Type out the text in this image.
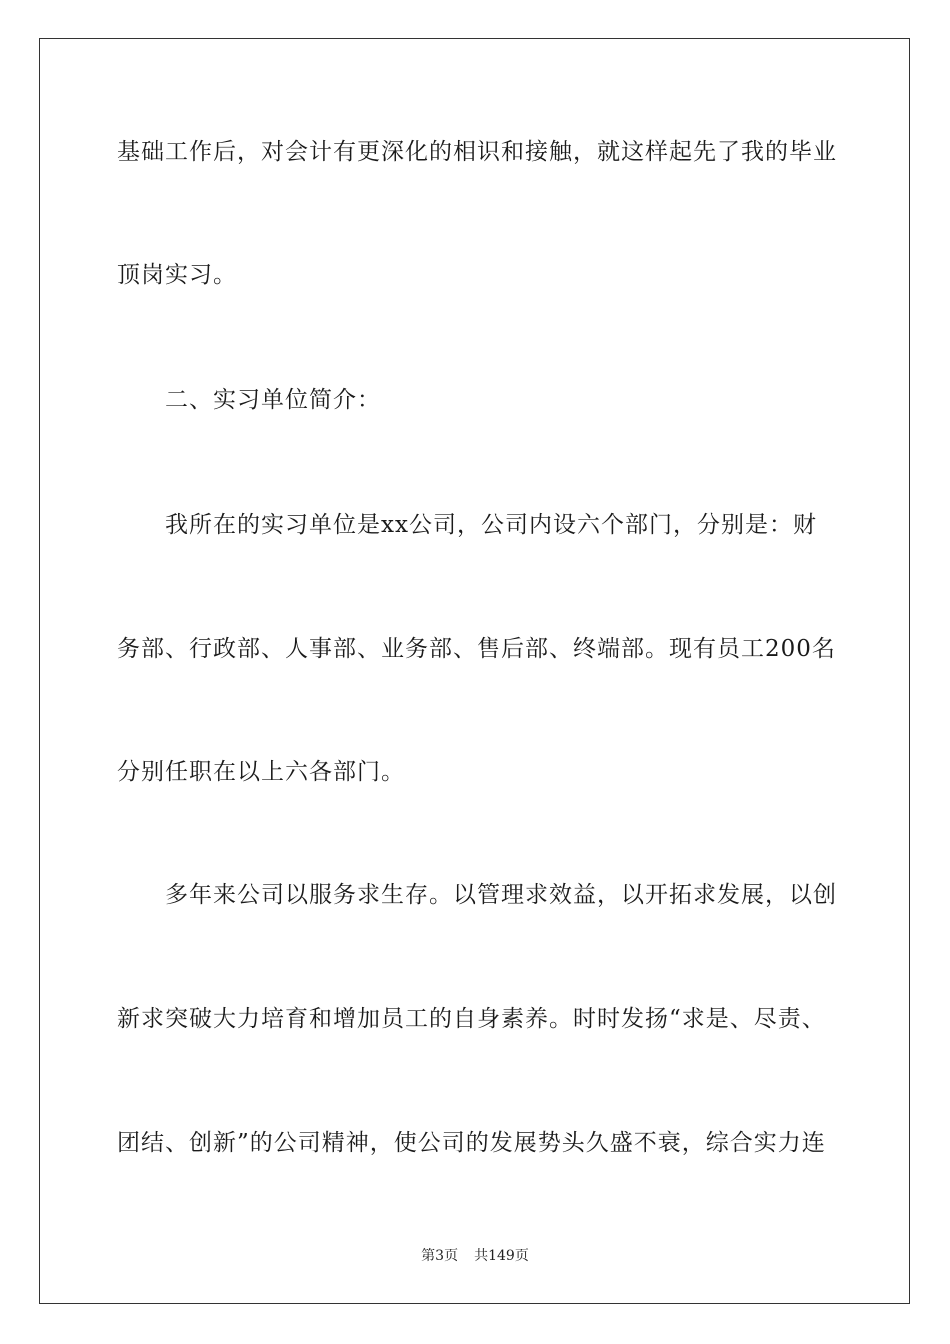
基础工作后，对会计有更深化的相识和接触，就这样起先了我的毕业
顶岗实习。
二、实习单位简介：
我所在的实习单位是xx公司，公司内设六个部门，分别是：财
务部、行政部、人事部、业务部、售后部、终端部。现有员工200名
分别任职在以上六各部门。
多年来公司以服务求生存。以管理求效益，以开拓求发展，以创
新求突破大力培育和增加员工的自身素养。时时发扬“求是、尽责、
团结、创新”的公司精神，使公司的发展势头久盛不衰，综合实力连
第3页 共149页
